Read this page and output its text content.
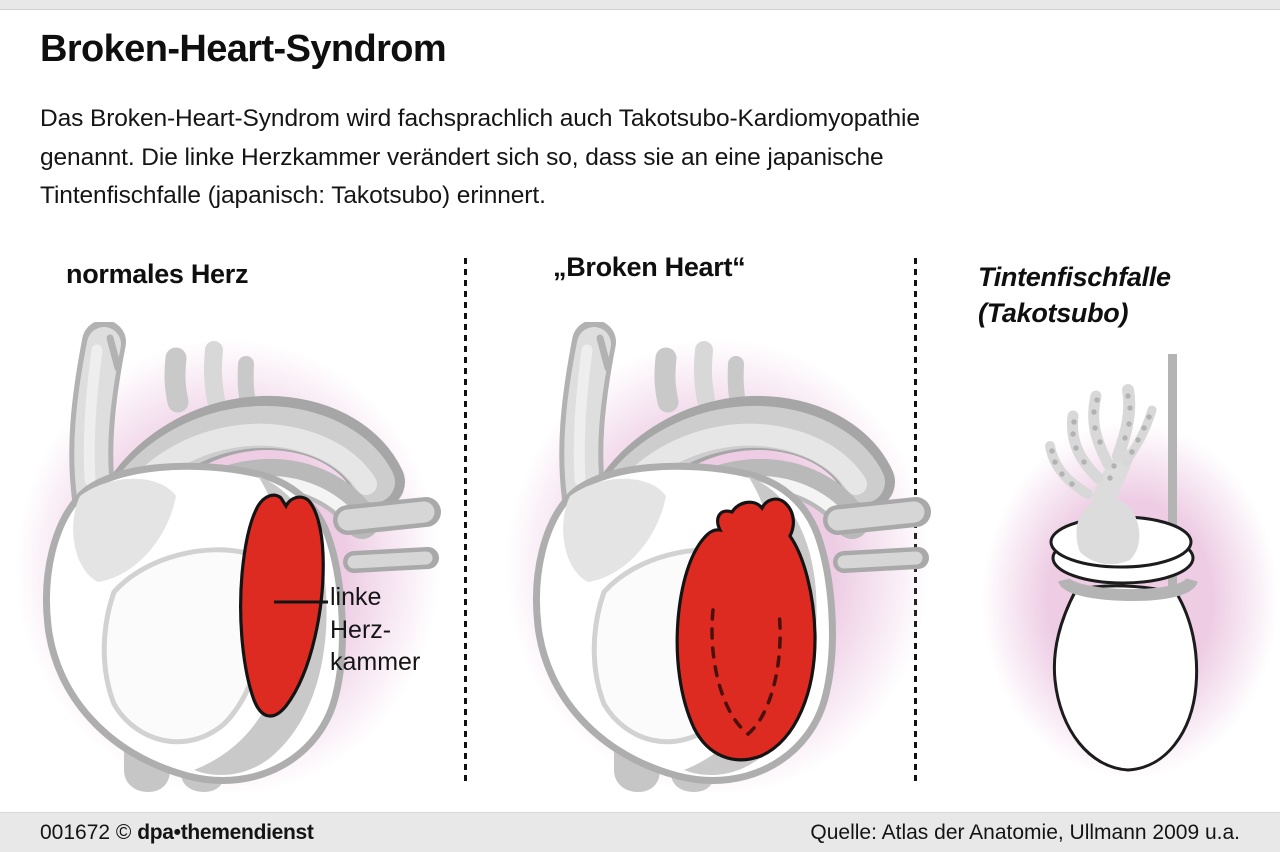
Broken-Heart-Syndrom
Das Broken-Heart-Syndrom wird fachsprachlich auch Takotsubo-Kardiomyopathie
genannt. Die linke Herzkammer verändert sich so, dass sie an eine japanische
Tintenfischfalle (japanisch: Takotsubo) erinnert.
normales Herz	„Broken Heart“	Tintenfischfalle
(Takotsubo)
linke
Herz-
kammer
001672 © dpa•themendienst	Quelle: Atlas der Anatomie, Ullmann 2009 u.a.
